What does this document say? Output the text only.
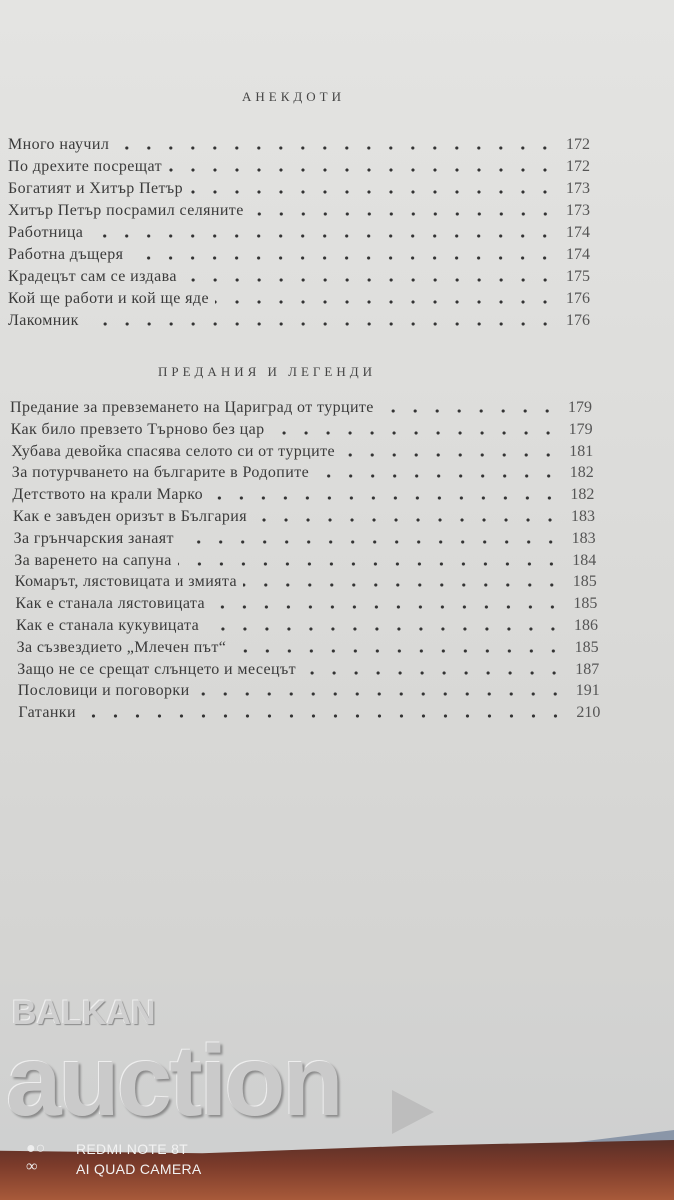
АНЕКДОТИ
Много научил	172
По дрехите посрещат	172
Богатият и Хитър Петър	173
Хитър Петър посрамил селяните	173
Работница	174
Работна дъщеря	174
Крадецът сам се издава	175
Кой ще работи и кой ще яде	176
Лакомник	176
ПРЕДАНИЯ И ЛЕГЕНДИ
Предание за превземането на Цариград от турците	179
Как било превзето Търново без цар	179
Хубава девойка спасява селото си от турците	181
За потурчването на българите в Родопите	182
Детството на крали Марко	182
Как е завъден оризът в България	183
За грънчарския занаят	183
За варенето на сапуна	184
Комарът, лястовицата и змията	185
Как е станала лястовицата	185
Как е станала кукувицата	186
За съзвездието „Млечен път“	185
Защо не се срещат слънцето и месецът	187
Пословици и поговорки	191
Гатанки	210
BALKAN
auction
●○
∞
REDMI NOTE 8T
AI QUAD CAMERA
